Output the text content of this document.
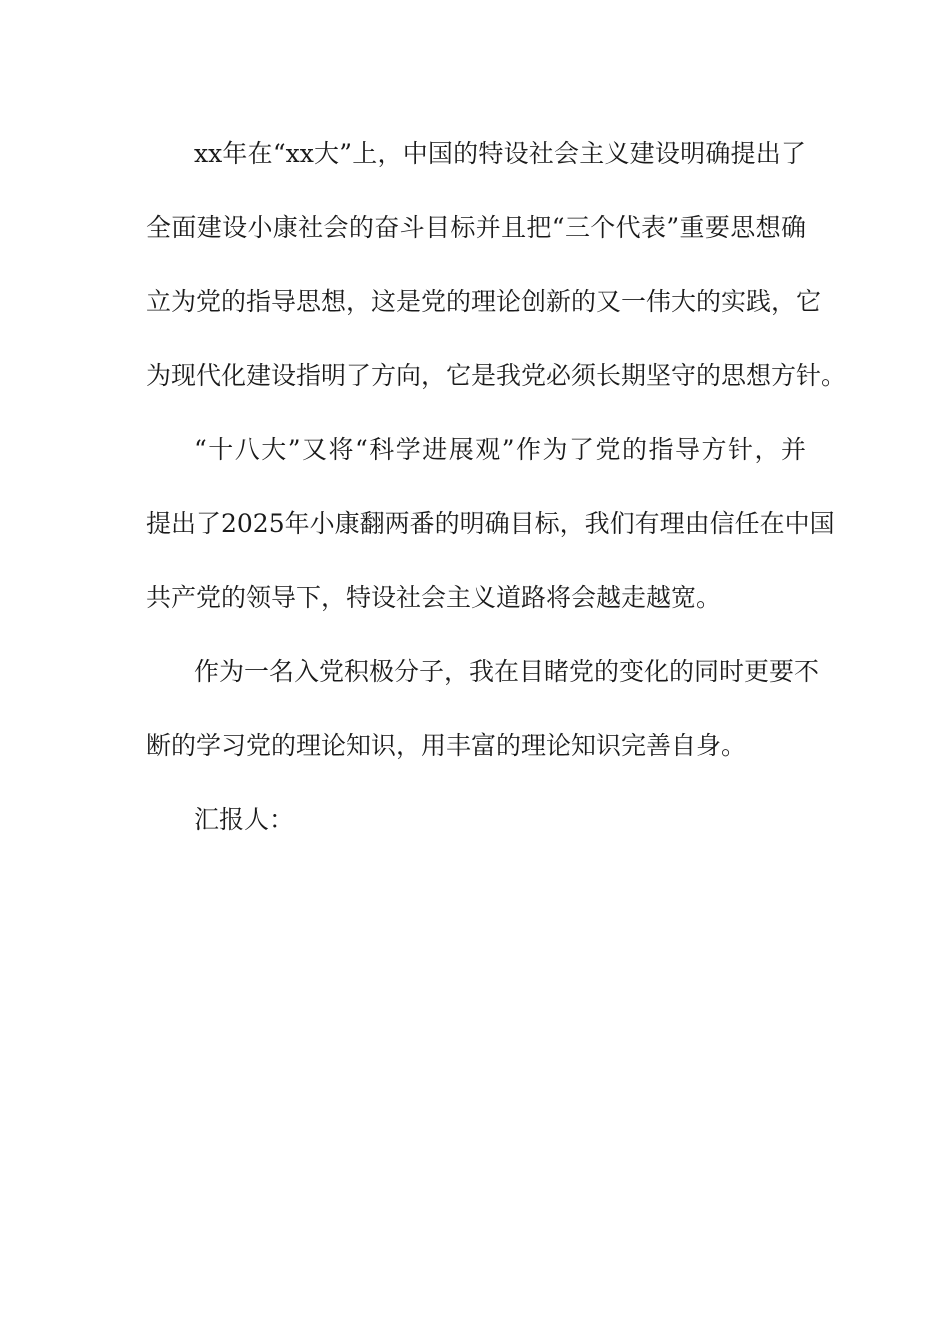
xx年在“xx大”上，中国的特设社会主义建设明确提出了
全面建设小康社会的奋斗目标并且把“三个代表”重要思想确
立为党的指导思想，这是党的理论创新的又一伟大的实践，它
为现代化建设指明了方向，它是我党必须长期坚守的思想方针。
“十八大”又将“科学进展观”作为了党的指导方针，并
提出了2025年小康翻两番的明确目标，我们有理由信任在中国
共产党的领导下，特设社会主义道路将会越走越宽。
作为一名入党积极分子，我在目睹党的变化的同时更要不
断的学习党的理论知识，用丰富的理论知识完善自身。
汇报人：
